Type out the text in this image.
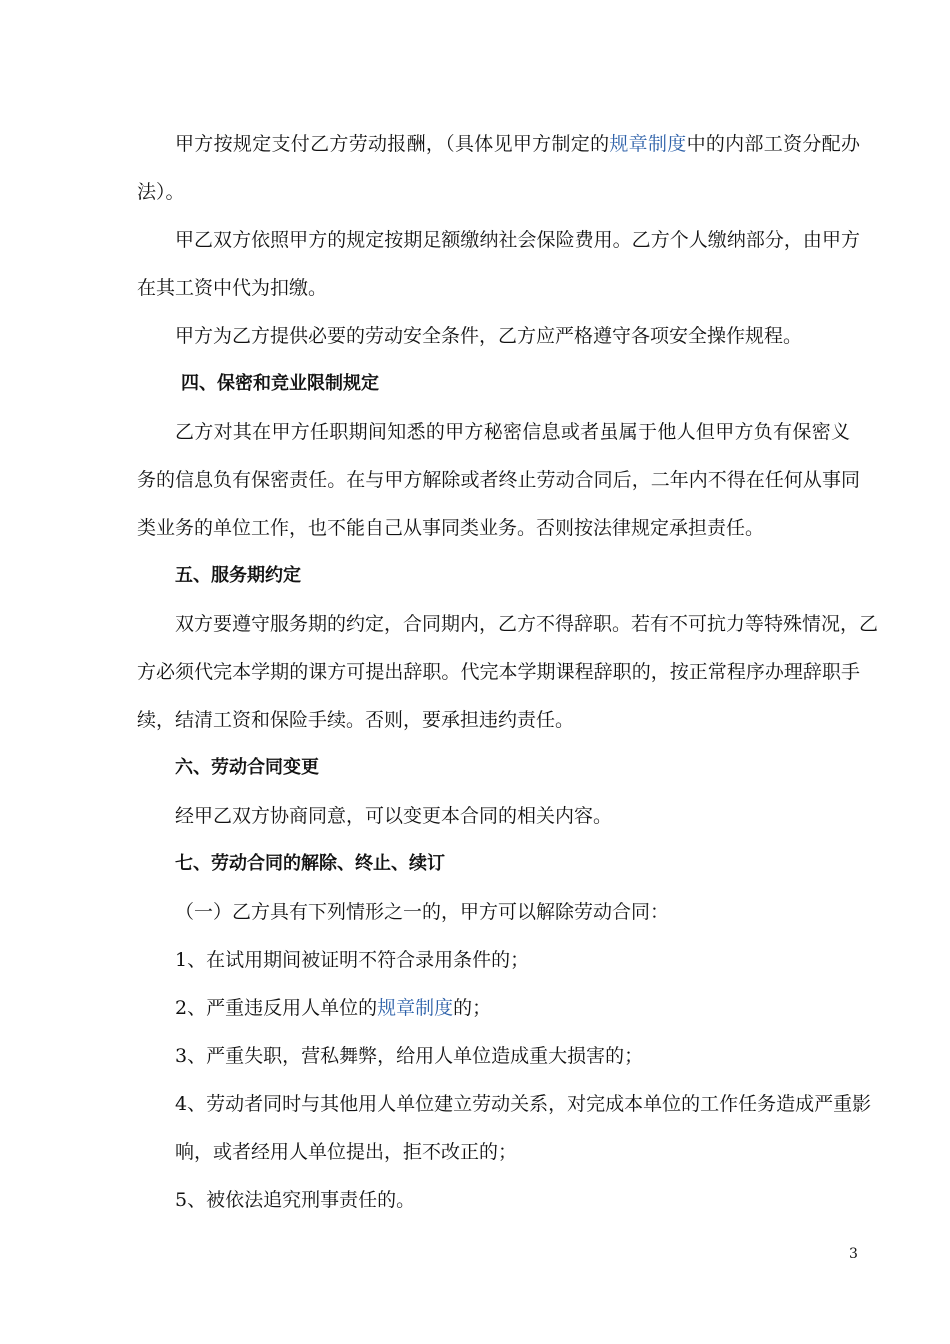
甲方按规定支付乙方劳动报酬，（具体见甲方制定的规章制度中的内部工资分配办
法）。
甲乙双方依照甲方的规定按期足额缴纳社会保险费用。乙方个人缴纳部分，由甲方
在其工资中代为扣缴。
甲方为乙方提供必要的劳动安全条件，乙方应严格遵守各项安全操作规程。
四、保密和竞业限制规定
乙方对其在甲方任职期间知悉的甲方秘密信息或者虽属于他人但甲方负有保密义
务的信息负有保密责任。在与甲方解除或者终止劳动合同后，二年内不得在任何从事同
类业务的单位工作，也不能自己从事同类业务。否则按法律规定承担责任。
五、服务期约定
双方要遵守服务期的约定，合同期内，乙方不得辞职。若有不可抗力等特殊情况，乙
方必须代完本学期的课方可提出辞职。代完本学期课程辞职的，按正常程序办理辞职手
续，结清工资和保险手续。否则，要承担违约责任。
六、劳动合同变更
经甲乙双方协商同意，可以变更本合同的相关内容。
七、劳动合同的解除、终止、续订
（一）乙方具有下列情形之一的，甲方可以解除劳动合同：
1、在试用期间被证明不符合录用条件的；
2、严重违反用人单位的规章制度的；
3、严重失职，营私舞弊，给用人单位造成重大损害的；
4、劳动者同时与其他用人单位建立劳动关系，对完成本单位的工作任务造成严重影
响，或者经用人单位提出，拒不改正的；
5、被依法追究刑事责任的。
3
